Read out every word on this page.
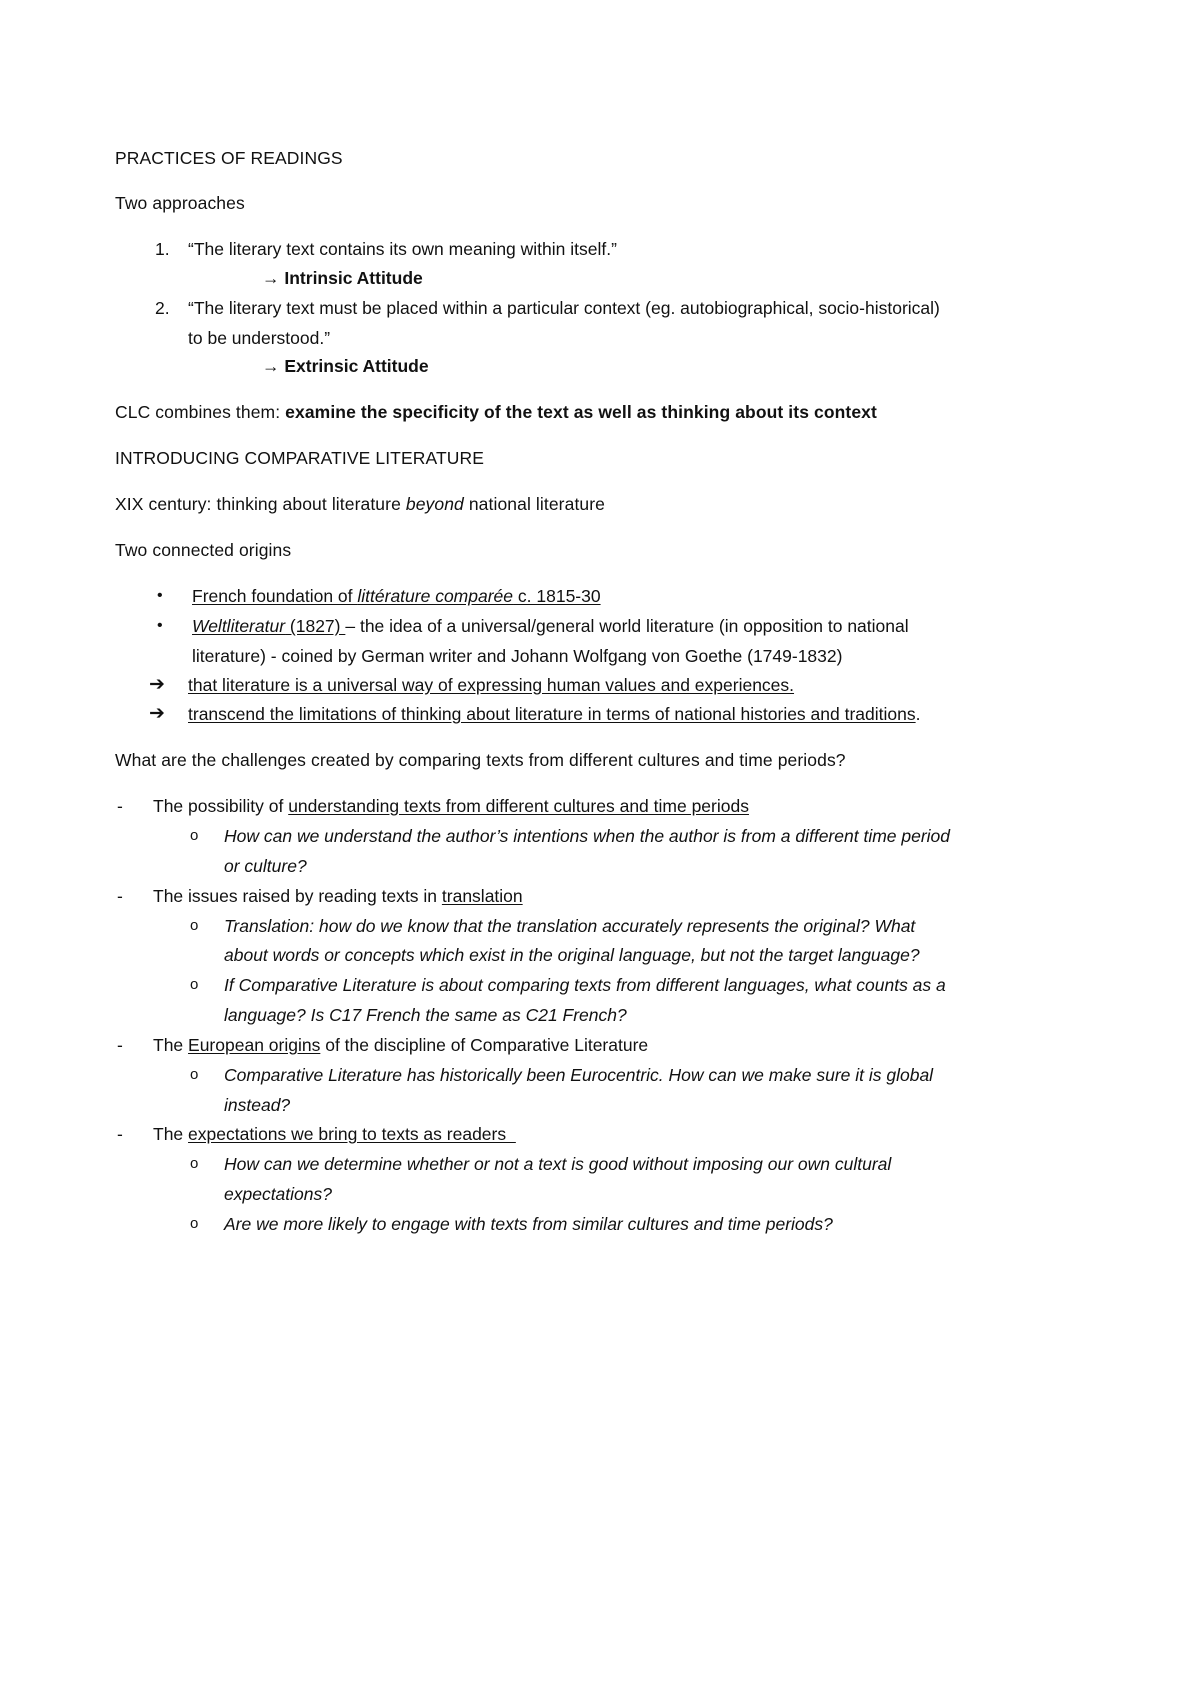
PRACTICES OF READINGS
Two approaches
1. “The literary text contains its own meaning within itself.”
→ Intrinsic Attitude
2. “The literary text must be placed within a particular context (eg. autobiographical, socio-historical)
to be understood.”
→ Extrinsic Attitude
CLC combines them: examine the specificity of the text as well as thinking about its context
INTRODUCING COMPARATIVE LITERATURE
XIX century: thinking about literature beyond national literature
Two connected origins
• French foundation of littérature comparée c. 1815-30
• Weltliteratur (1827) – the idea of a universal/general world literature (in opposition to national
literature) - coined by German writer and Johann Wolfgang von Goethe (1749-1832)
➔ that literature is a universal way of expressing human values and experiences.
➔ transcend the limitations of thinking about literature in terms of national histories and traditions.
What are the challenges created by comparing texts from different cultures and time periods?
- The possibility of understanding texts from different cultures and time periods
o How can we understand the author’s intentions when the author is from a different time period
or culture?
- The issues raised by reading texts in translation
o Translation: how do we know that the translation accurately represents the original? What
about words or concepts which exist in the original language, but not the target language?
o If Comparative Literature is about comparing texts from different languages, what counts as a
language? Is C17 French the same as C21 French?
- The European origins of the discipline of Comparative Literature
o Comparative Literature has historically been Eurocentric. How can we make sure it is global
instead?
- The expectations we bring to texts as readers
o How can we determine whether or not a text is good without imposing our own cultural
expectations?
o Are we more likely to engage with texts from similar cultures and time periods?
